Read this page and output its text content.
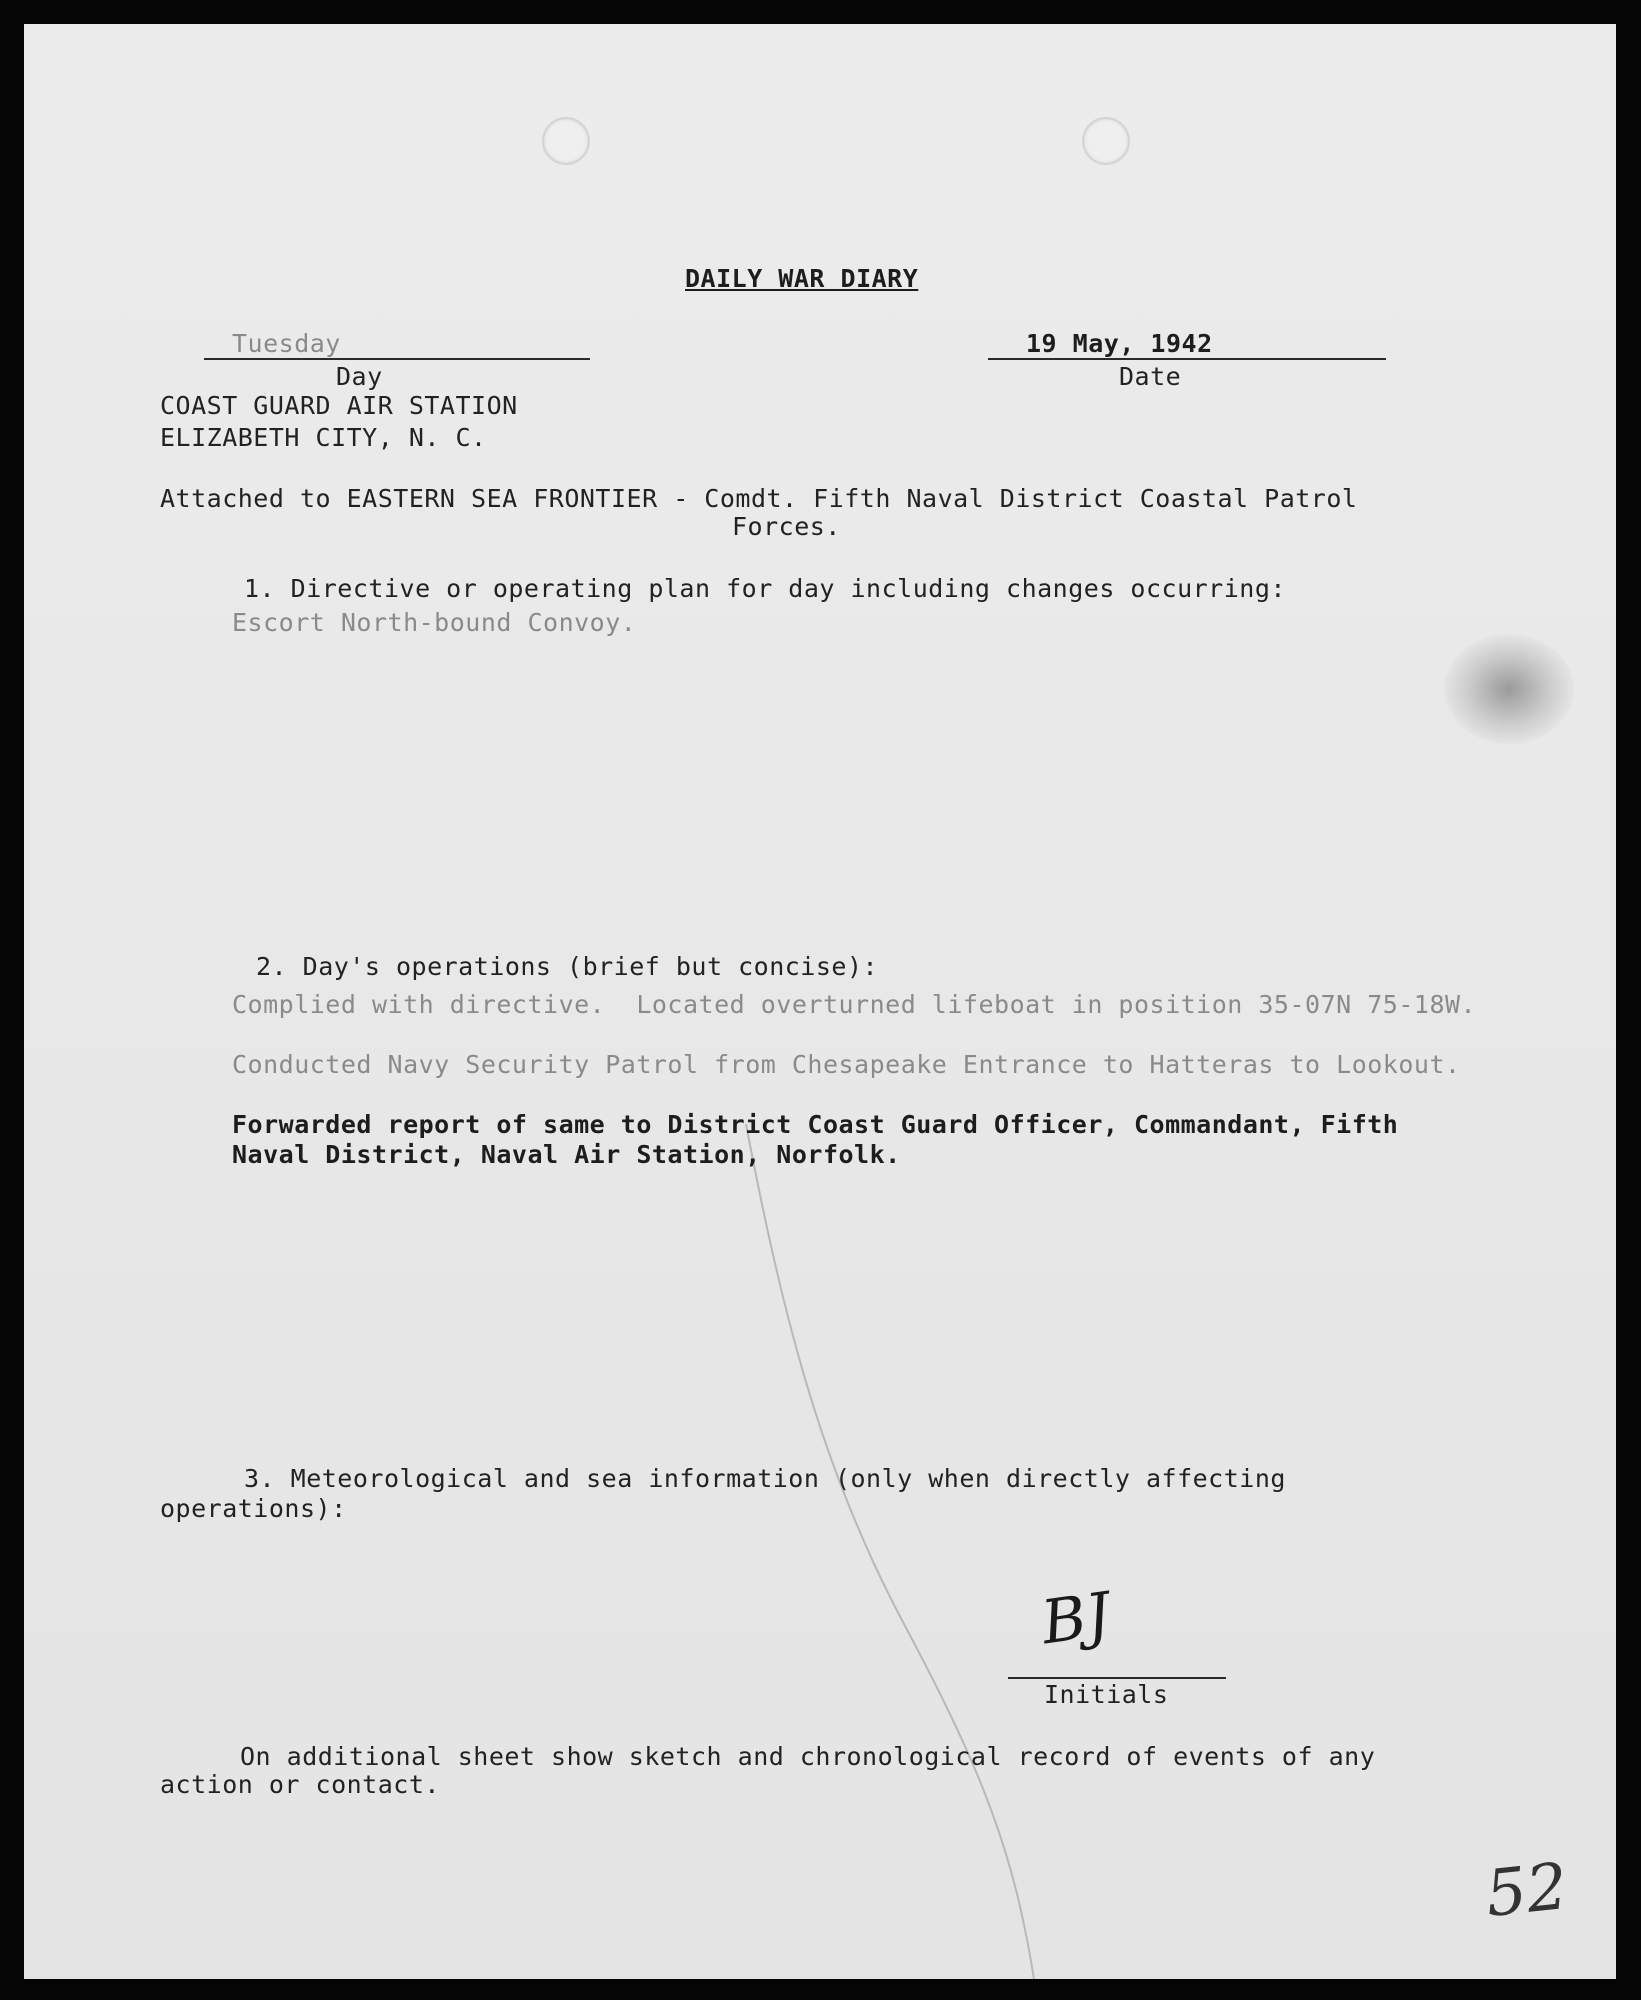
DAILY WAR DIARY
Tuesday
Day
19 May, 1942
Date
COAST GUARD AIR STATION
ELIZABETH CITY, N. C.
Attached to EASTERN SEA FRONTIER - Comdt. Fifth Naval District Coastal Patrol
Forces.
1. Directive or operating plan for day including changes occurring:
Escort North-bound Convoy.
2. Day's operations (brief but concise):
Complied with directive.  Located overturned lifeboat in position 35-07N 75-18W.
Conducted Navy Security Patrol from Chesapeake Entrance to Hatteras to Lookout.
Forwarded report of same to District Coast Guard Officer, Commandant, Fifth
Naval District, Naval Air Station, Norfolk.
3. Meteorological and sea information (only when directly affecting
operations):
BJ
Initials
On additional sheet show sketch and chronological record of events of any
action or contact.
52
